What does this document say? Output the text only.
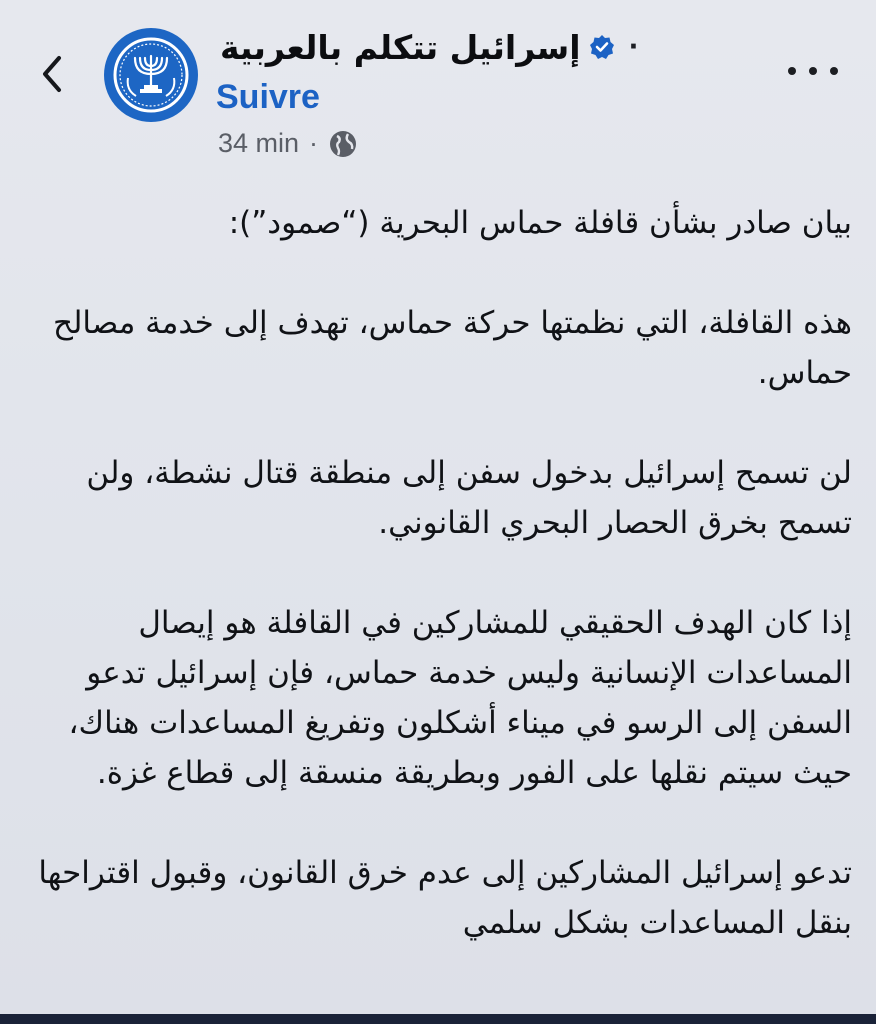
إسرائيل تتكلم بالعربية ·
Suivre
34 min ·

بيان صادر بشأن قافلة حماس البحرية (“صمود”):

هذه القافلة، التي نظمتها حركة حماس، تهدف إلى خدمة مصالح حماس.

لن تسمح إسرائيل بدخول سفن إلى منطقة قتال نشطة، ولن تسمح بخرق الحصار البحري القانوني.

إذا كان الهدف الحقيقي للمشاركين في القافلة هو إيصال المساعدات الإنسانية وليس خدمة حماس، فإن إسرائيل تدعو السفن إلى الرسو في ميناء أشكلون وتفريغ المساعدات هناك، حيث سيتم نقلها على الفور وبطريقة منسقة إلى قطاع غزة.

تدعو إسرائيل المشاركين إلى عدم خرق القانون، وقبول اقتراحها بنقل المساعدات بشكل سلمي
